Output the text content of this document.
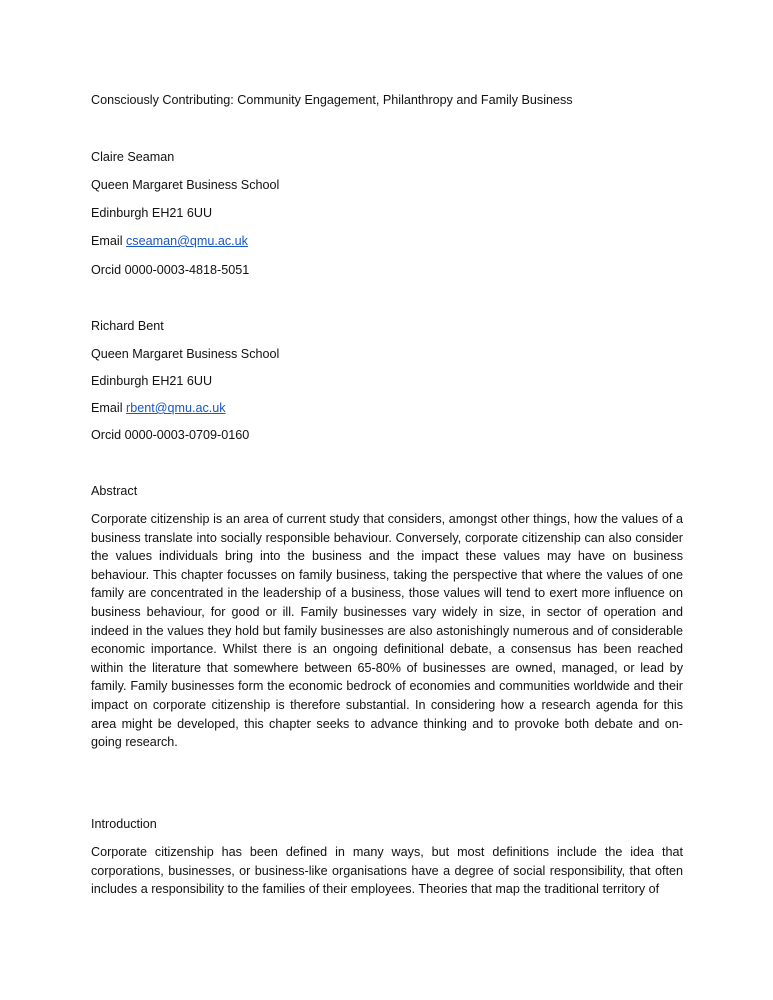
Consciously Contributing: Community Engagement, Philanthropy and Family Business
Claire Seaman
Queen Margaret Business School
Edinburgh EH21 6UU
Email cseaman@qmu.ac.uk
Orcid 0000-0003-4818-5051
Richard Bent
Queen Margaret Business School
Edinburgh EH21 6UU
Email rbent@qmu.ac.uk
Orcid 0000-0003-0709-0160
Abstract
Corporate citizenship is an area of current study that considers, amongst other things, how the values of a business translate into socially responsible behaviour. Conversely, corporate citizenship can also consider the values individuals bring into the business and the impact these values may have on business behaviour. This chapter focusses on family business, taking the perspective that where the values of one family are concentrated in the leadership of a business, those values will tend to exert more influence on business behaviour, for good or ill. Family businesses vary widely in size, in sector of operation and indeed in the values they hold but family businesses are also astonishingly numerous and of considerable economic importance. Whilst there is an ongoing definitional debate, a consensus has been reached within the literature that somewhere between 65-80% of businesses are owned, managed, or lead by family. Family businesses form the economic bedrock of economies and communities worldwide and their impact on corporate citizenship is therefore substantial. In considering how a research agenda for this area might be developed, this chapter seeks to advance thinking and to provoke both debate and on-going research.
Introduction
Corporate citizenship has been defined in many ways, but most definitions include the idea that corporations, businesses, or business-like organisations have a degree of social responsibility, that often includes a responsibility to the families of their employees. Theories that map the traditional territory of
